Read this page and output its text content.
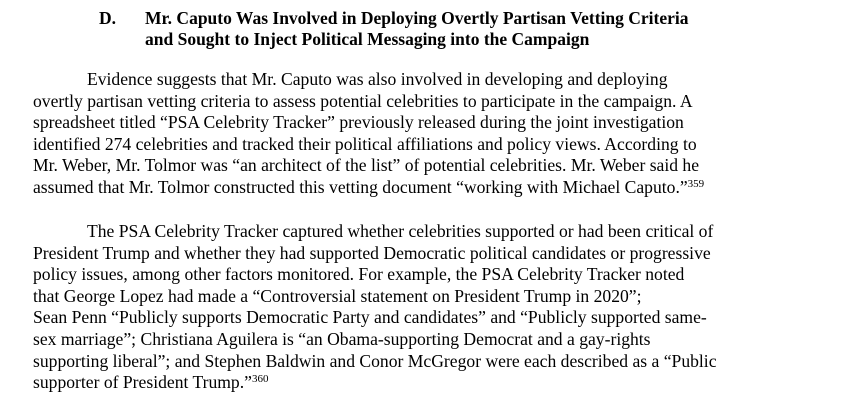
D. Mr. Caputo Was Involved in Deploying Overtly Partisan Vetting Criteria
and Sought to Inject Political Messaging into the Campaign
Evidence suggests that Mr. Caputo was also involved in developing and deploying
overtly partisan vetting criteria to assess potential celebrities to participate in the campaign. A
spreadsheet titled “PSA Celebrity Tracker” previously released during the joint investigation
identified 274 celebrities and tracked their political affiliations and policy views. According to
Mr. Weber, Mr. Tolmor was “an architect of the list” of potential celebrities. Mr. Weber said he
assumed that Mr. Tolmor constructed this vetting document “working with Michael Caputo.”$^{359}$
The PSA Celebrity Tracker captured whether celebrities supported or had been critical of
President Trump and whether they had supported Democratic political candidates or progressive
policy issues, among other factors monitored. For example, the PSA Celebrity Tracker noted
that George Lopez had made a “Controversial statement on President Trump in 2020”;
Sean Penn “Publicly supports Democratic Party and candidates” and “Publicly supported same-
sex marriage”; Christiana Aguilera is “an Obama-supporting Democrat and a gay-rights
supporting liberal”; and Stephen Baldwin and Conor McGregor were each described as a “Public
supporter of President Trump.”$^{360}$
